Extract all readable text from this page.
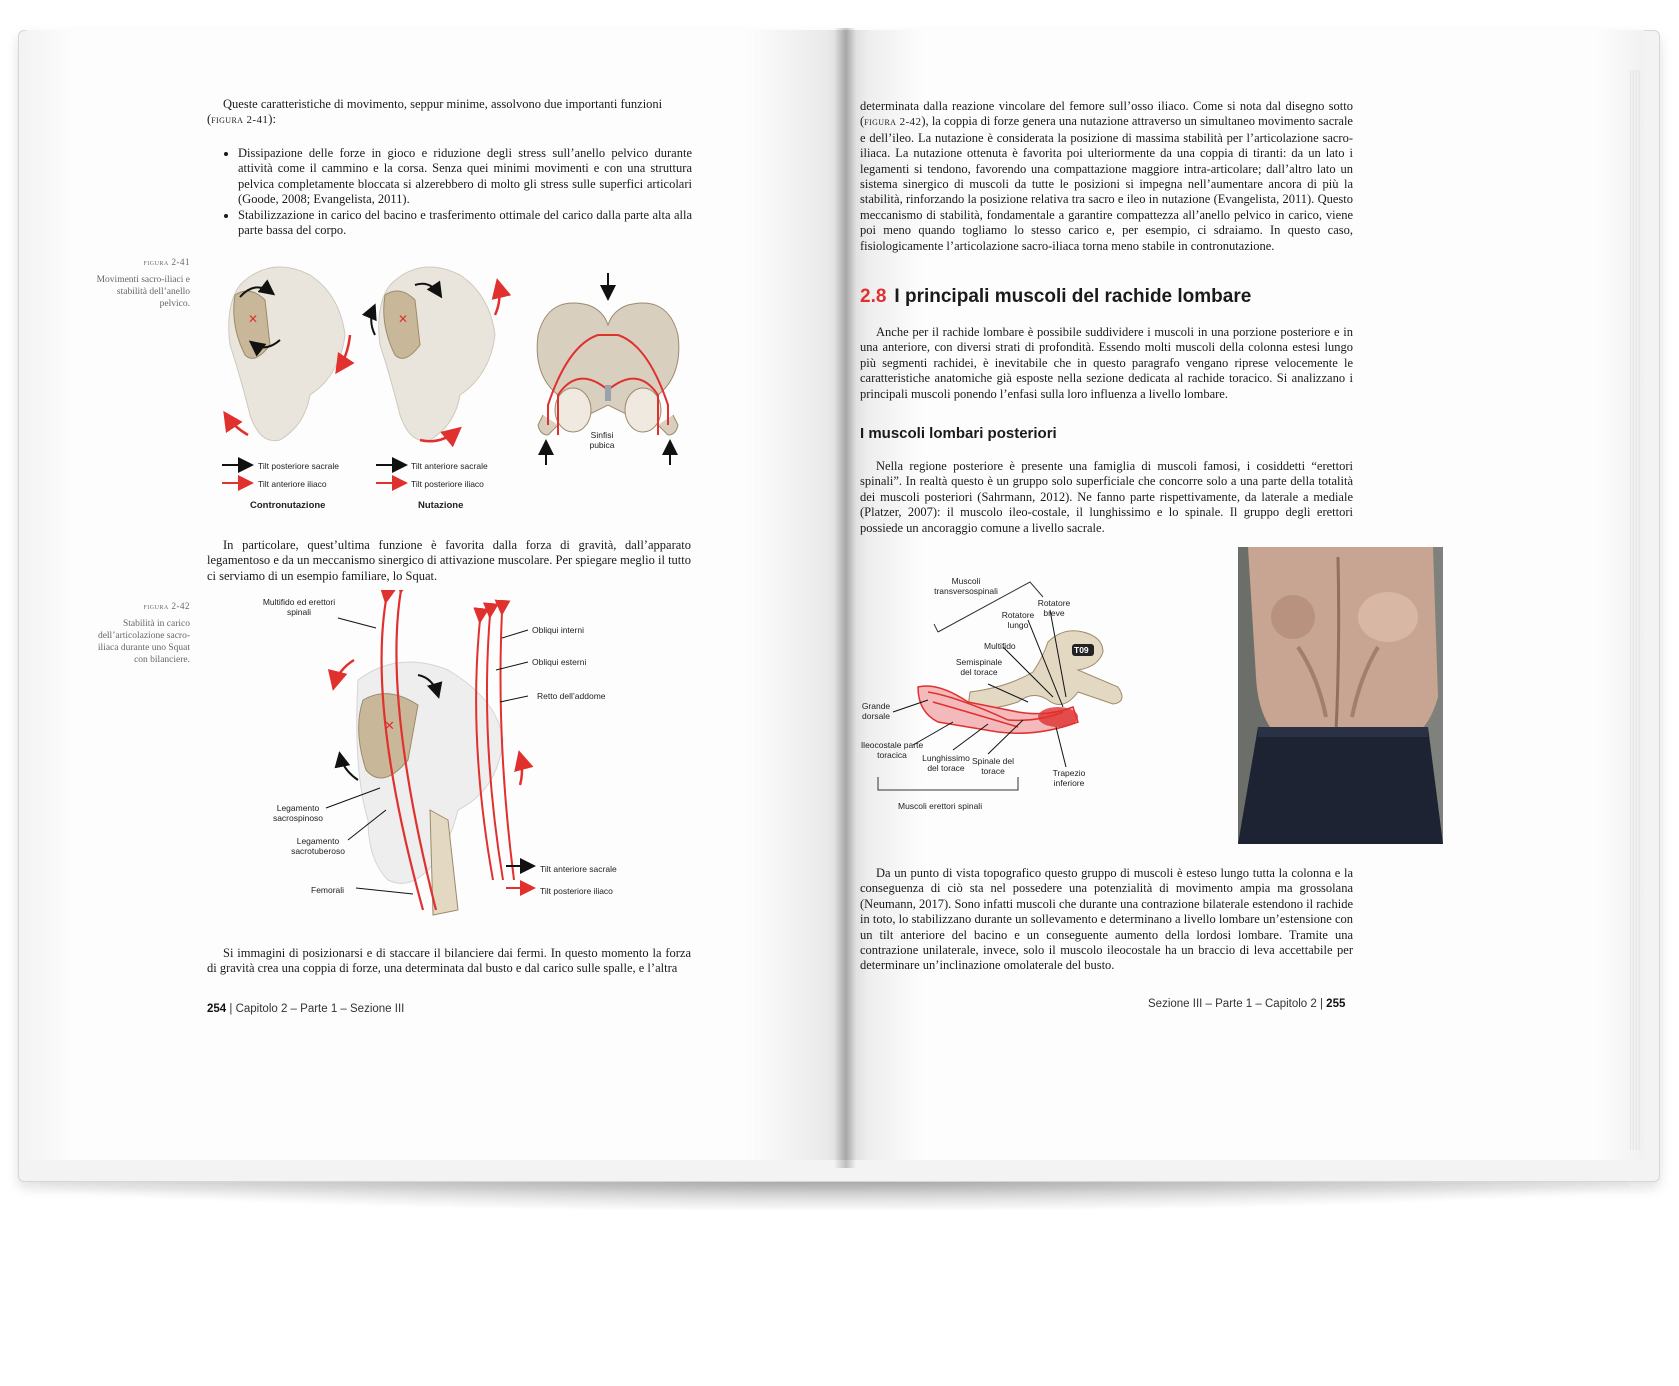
Queste caratteristiche di movimento, seppur minime, assolvono due importanti funzioni

(figura 2-41):

• Dissipazione delle forze in gioco e riduzione degli stress sull’anello pelvico durante attività come il cammino e la corsa. Senza quei minimi movimenti e con una struttura pelvica completamente bloccata si alzerebbero di molto gli stress sulle superfici articolari (Goode, 2008; Evangelista, 2011).
• Stabilizzazione in carico del bacino e trasferimento ottimale del carico dalla parte alta alla parte bassa del corpo.
figura 2-41
Movimenti sacro-iliaci e stabilità dell’anello pelvico.
✕	✕
Tilt posteriore sacrale
Tilt anteriore iliaco
Contronutazione
Tilt anteriore sacrale
Tilt posteriore iliaco
Nutazione
Sinfisi pubica

In particolare, quest’ultima funzione è favorita dalla forza di gravità, dall’apparato legamentoso e da un meccanismo sinergico di attivazione muscolare. Per spiegare meglio il tutto ci serviamo di un esempio familiare, lo Squat.

figura 2-42
Stabilità in carico dell’articolazione sacro-iliaca durante uno Squat con bilanciere.
✕
Multifido ed erettori spinali
Obliqui interni
Obliqui esterni
Retto dell’addome
Legamento sacrospinoso
Legamento sacrotuberoso
Femorali
Tilt anteriore sacrale
Tilt posteriore iliaco

Si immagini di posizionarsi e di staccare il bilanciere dai fermi. In questo momento la forza di gravità crea una coppia di forze, una determinata dal busto e dal carico sulle spalle, e l’altra

254 | Capitolo 2 – Parte 1 – Sezione III

determinata dalla reazione vincolare del femore sull’osso iliaco. Come si nota dal disegno sotto (figura 2-42), la coppia di forze genera una nutazione attraverso un simultaneo movimento sacrale e dell’ileo. La nutazione è considerata la posizione di massima stabilità per l’articolazione sacro-iliaca. La nutazione ottenuta è favorita poi ulteriormente da una coppia di tiranti: da un lato i legamenti si tendono, favorendo una compattazione maggiore intra-articolare; dall’altro lato un sistema sinergico di muscoli da tutte le posizioni si impegna nell’aumentare ancora di più la stabilità, rinforzando la posizione relativa tra sacro e ileo in nutazione (Evangelista, 2011). Questo meccanismo di stabilità, fondamentale a garantire compattezza all’anello pelvico in carico, viene poi meno quando togliamo lo stesso carico e, per esempio, ci sdraiamo. In questo caso, fisiologicamente l’articolazione sacro-iliaca torna meno stabile in contronutazione.

2.8 I principali muscoli del rachide lombare

Anche per il rachide lombare è possibile suddividere i muscoli in una porzione posteriore e in una anteriore, con diversi strati di profondità. Essendo molti muscoli della colonna estesi lungo più segmenti rachidei, è inevitabile che in questo paragrafo vengano riprese velocemente le caratteristiche anatomiche già esposte nella sezione dedicata al rachide toracico. Si analizzano i principali muscoli ponendo l’enfasi sulla loro influenza a livello lombare.

I muscoli lombari posteriori

Nella regione posteriore è presente una famiglia di muscoli famosi, i cosiddetti “erettori spinali”. In realtà questo è un gruppo solo superficiale che concorre solo a una parte della totalità dei muscoli posteriori (Sahrmann, 2012). Ne fanno parte rispettivamente, da laterale a mediale (Platzer, 2007): il muscolo ileo-costale, il lunghissimo e lo spinale. Il gruppo degli erettori possiede un ancoraggio comune a livello sacrale.

T09
Muscoli transversospinali
Rotatore breve
Rotatore lungo
Multifido
Semispinale del torace
Grande dorsale
Ileocostale parte toracica	Lunghissimo del torace
Spinale del torace	Trapezio inferiore
Muscoli erettori spinali

Da un punto di vista topografico questo gruppo di muscoli è esteso lungo tutta la colonna e la conseguenza di ciò sta nel possedere una potenzialità di movimento ampia ma grossolana (Neumann, 2017). Sono infatti muscoli che durante una contrazione bilaterale estendono il rachide in toto, lo stabilizzano durante un sollevamento e determinano a livello lombare un’estensione con un tilt anteriore del bacino e un conseguente aumento della lordosi lombare. Tramite una contrazione unilaterale, invece, solo il muscolo ileocostale ha un braccio di leva accettabile per determinare un’inclinazione omolaterale del busto.

Sezione III – Parte 1 – Capitolo 2 | 255
